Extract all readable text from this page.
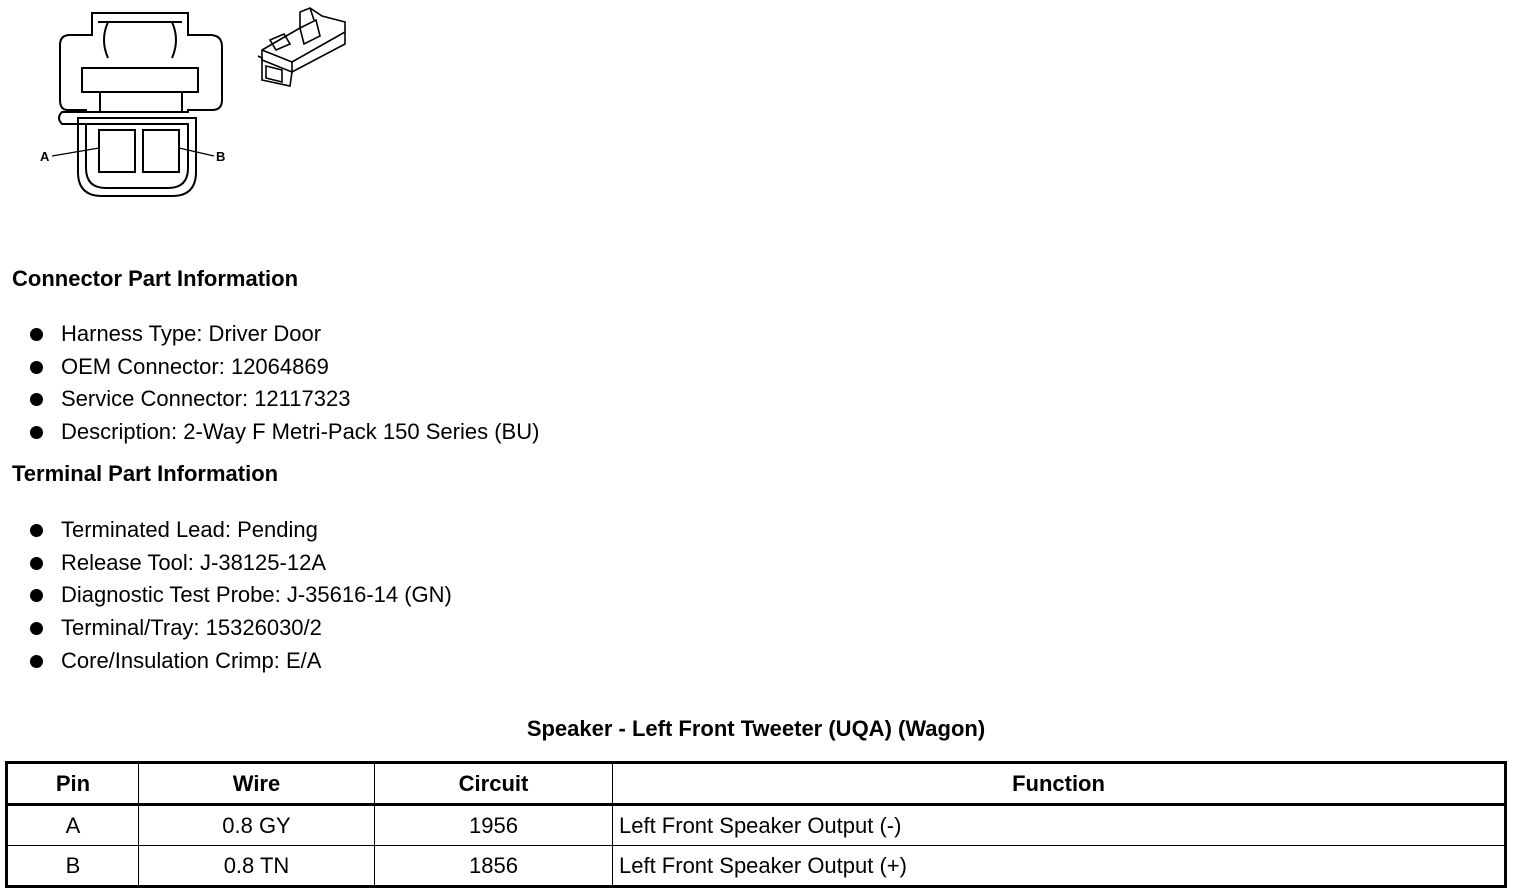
A	B
Connector Part Information
Harness Type: Driver Door
OEM Connector: 12064869
Service Connector: 12117323
Description: 2-Way F Metri-Pack 150 Series (BU)
Terminal Part Information
Terminated Lead: Pending
Release Tool: J-38125-12A
Diagnostic Test Probe: J-35616-14 (GN)
Terminal/Tray: 15326030/2
Core/Insulation Crimp: E/A
Speaker - Left Front Tweeter (UQA) (Wagon)
Pin	Wire	Circuit	Function
A	0.8 GY	1956	Left Front Speaker Output (-)
B	0.8 TN	1856	Left Front Speaker Output (+)
